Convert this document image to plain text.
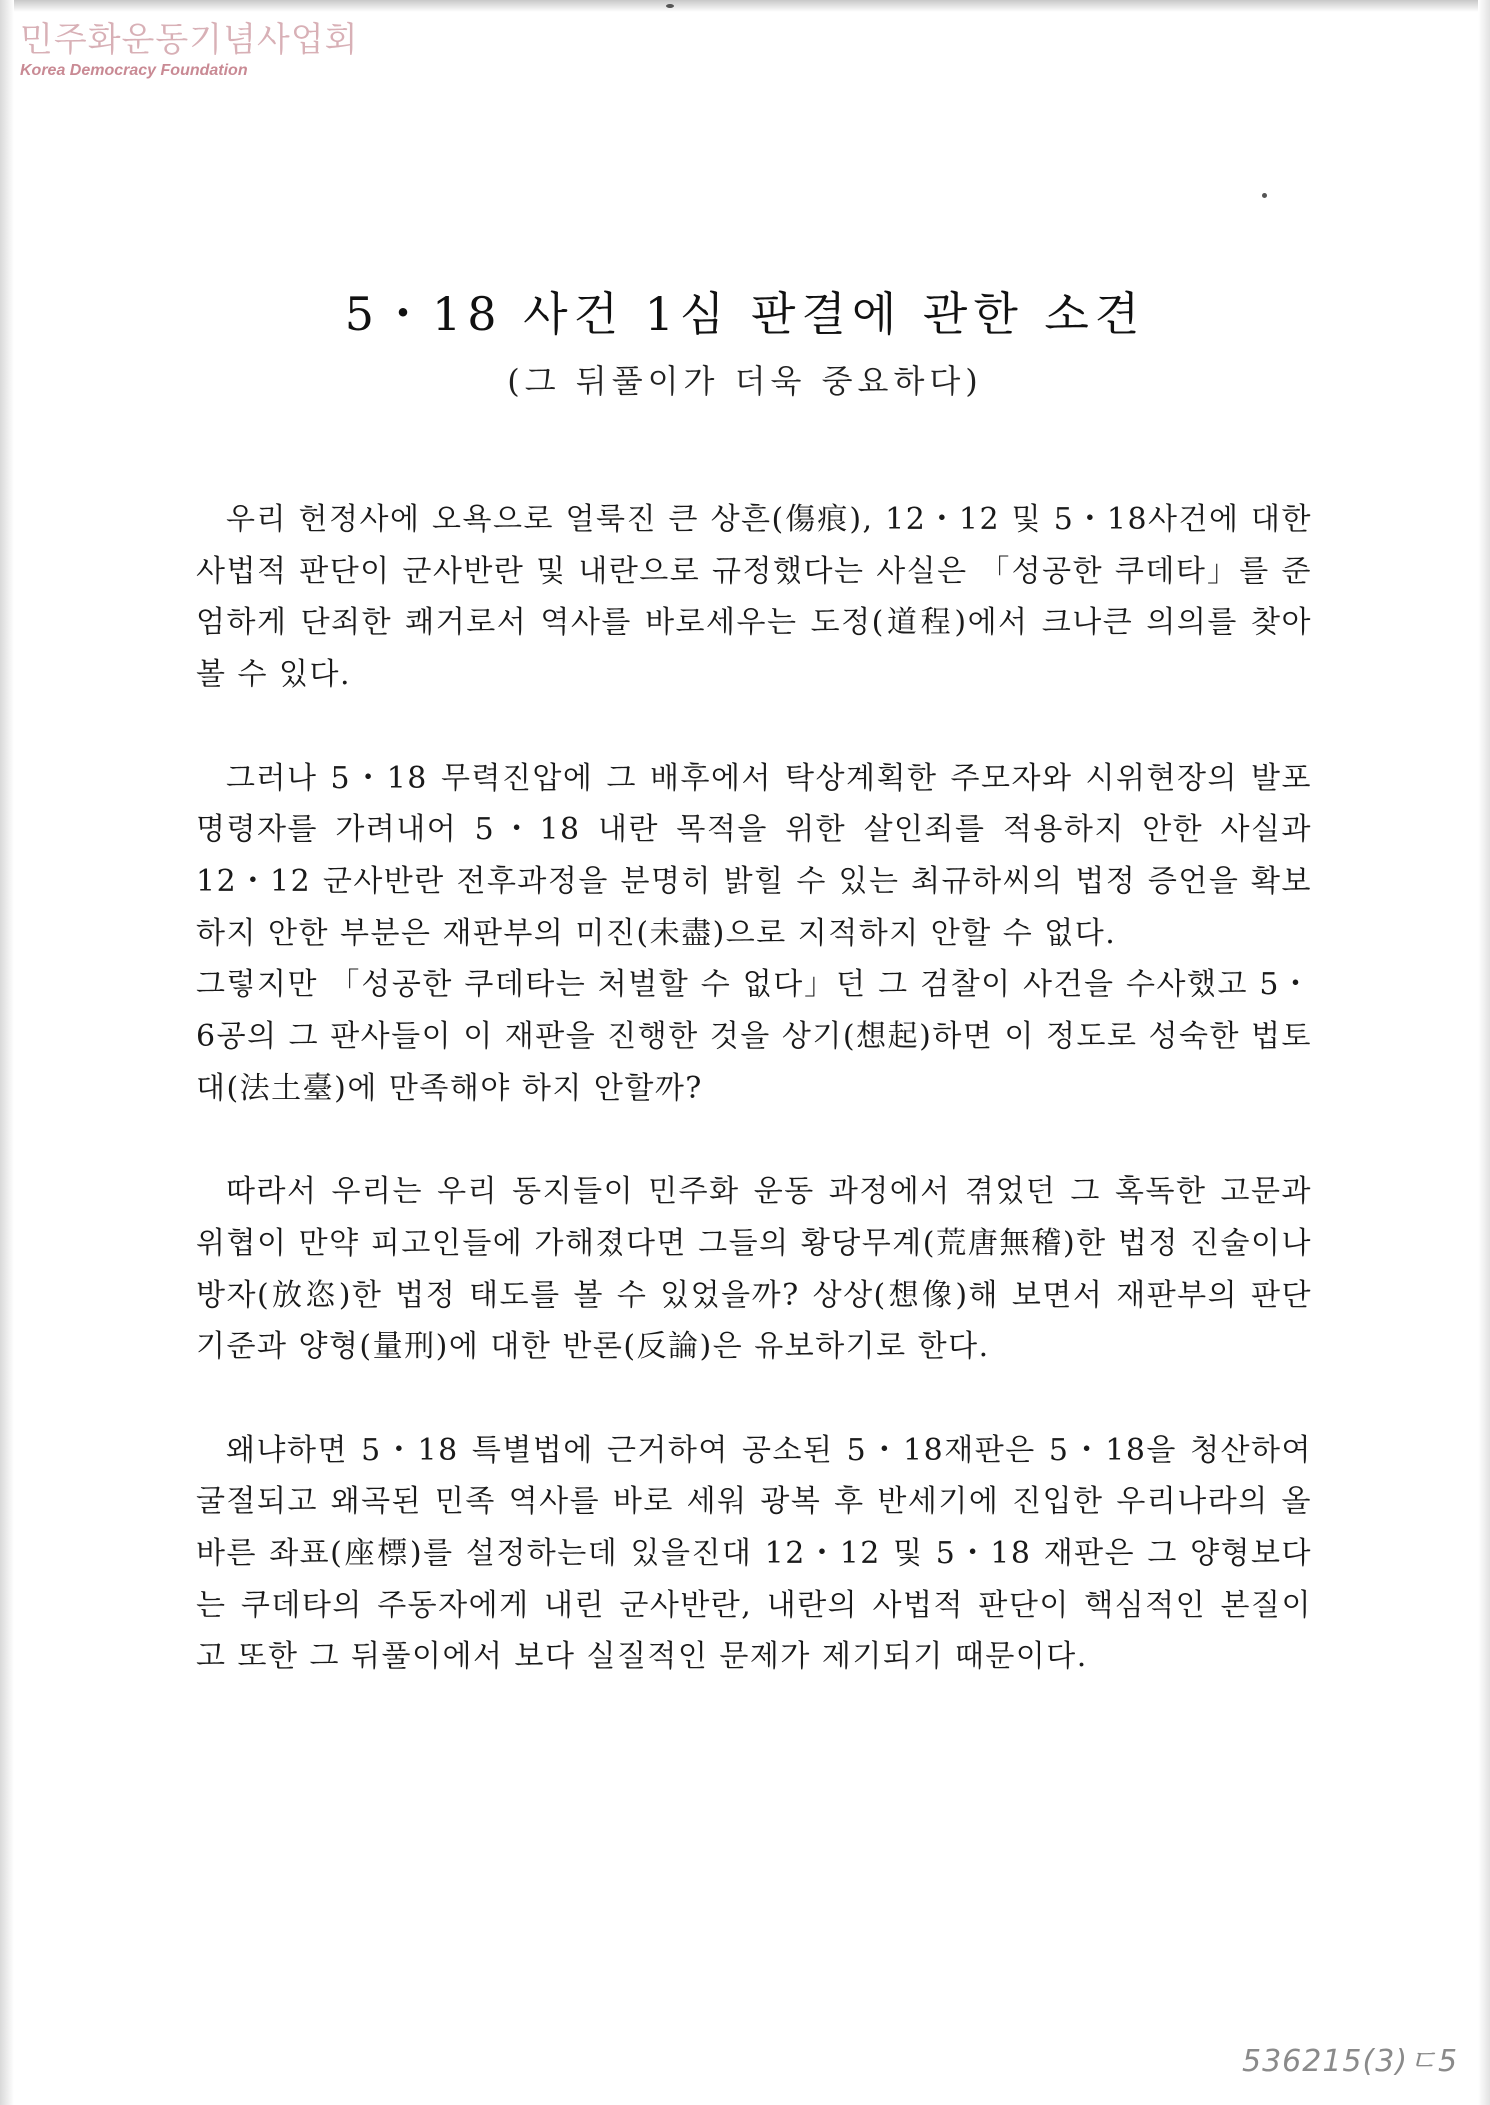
민주화운동기념사업회
Korea Democracy Foundation
5・18 사건 1심 판결에 관한 소견
(그 뒤풀이가 더욱 중요하다)

우리 헌정사에 오욕으로 얼룩진 큰 상흔(傷痕), 12・12 및 5・18사건에 대한 사법적 판단이 군사반란 및 내란으로 규정했다는 사실은 「성공한 쿠데타」를 준엄하게 단죄한 쾌거로서 역사를 바로세우는 도정(道程)에서 크나큰 의의를 찾아볼 수 있다.

그러나 5・18 무력진압에 그 배후에서 탁상계획한 주모자와 시위현장의 발포명령자를 가려내어 5・18 내란 목적을 위한 살인죄를 적용하지 안한 사실과 12・12 군사반란 전후과정을 분명히 밝힐 수 있는 최규하씨의 법정 증언을 확보하지 안한 부분은 재판부의 미진(未盡)으로 지적하지 안할 수 없다.

그렇지만 「성공한 쿠데타는 처벌할 수 없다」던 그 검찰이 사건을 수사했고 5・6공의 그 판사들이 이 재판을 진행한 것을 상기(想起)하면 이 정도로 성숙한 법토대(法土臺)에 만족해야 하지 안할까?

따라서 우리는 우리 동지들이 민주화 운동 과정에서 겪었던 그 혹독한 고문과 위협이 만약 피고인들에 가해졌다면 그들의 황당무계(荒唐無稽)한 법정 진술이나 방자(放恣)한 법정 태도를 볼 수 있었을까? 상상(想像)해 보면서 재판부의 판단 기준과 양형(量刑)에 대한 반론(反論)은 유보하기로 한다.

왜냐하면 5・18 특별법에 근거하여 공소된 5・18재판은 5・18을 청산하여 굴절되고 왜곡된 민족 역사를 바로 세워 광복 후 반세기에 진입한 우리나라의 올바른 좌표(座標)를 설정하는데 있을진대 12・12 및 5・18 재판은 그 양형보다는 쿠데타의 주동자에게 내린 군사반란, 내란의 사법적 판단이 핵심적인 본질이고 또한 그 뒤풀이에서 보다 실질적인 문제가 제기되기 때문이다.

536215(3)ㄷ5
